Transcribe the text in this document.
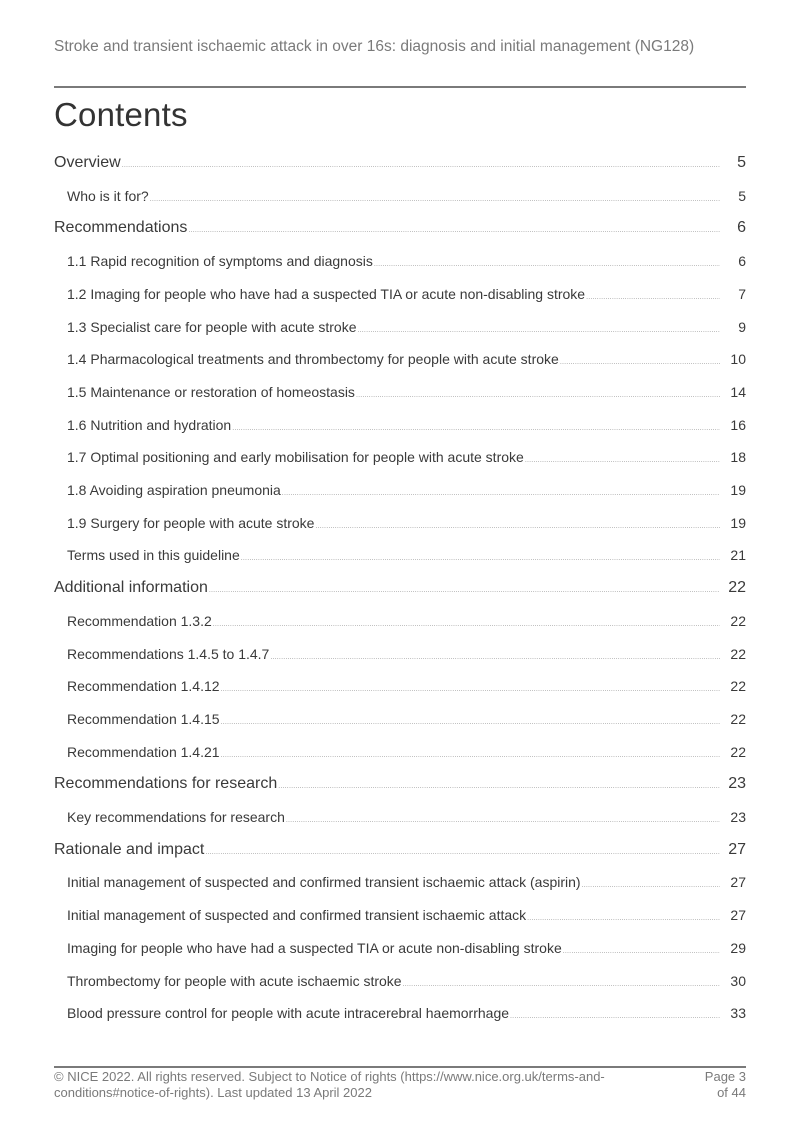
Stroke and transient ischaemic attack in over 16s: diagnosis and initial management (NG128)
Contents
Overview .....	5
Who is it for? .....	5
Recommendations .....	6
1.1 Rapid recognition of symptoms and diagnosis .....	6
1.2 Imaging for people who have had a suspected TIA or acute non-disabling stroke .....	7
1.3 Specialist care for people with acute stroke .....	9
1.4 Pharmacological treatments and thrombectomy for people with acute stroke .....	10
1.5 Maintenance or restoration of homeostasis .....	14
1.6 Nutrition and hydration .....	16
1.7 Optimal positioning and early mobilisation for people with acute stroke .....	18
1.8 Avoiding aspiration pneumonia .....	19
1.9 Surgery for people with acute stroke .....	19
Terms used in this guideline .....	21
Additional information .....	22
Recommendation 1.3.2 .....	22
Recommendations 1.4.5 to 1.4.7 .....	22
Recommendation 1.4.12 .....	22
Recommendation 1.4.15 .....	22
Recommendation 1.4.21 .....	22
Recommendations for research .....	23
Key recommendations for research .....	23
Rationale and impact .....	27
Initial management of suspected and confirmed transient ischaemic attack (aspirin) .....	27
Initial management of suspected and confirmed transient ischaemic attack .....	27
Imaging for people who have had a suspected TIA or acute non-disabling stroke .....	29
Thrombectomy for people with acute ischaemic stroke .....	30
Blood pressure control for people with acute intracerebral haemorrhage .....	33
© NICE 2022. All rights reserved. Subject to Notice of rights (https://www.nice.org.uk/terms-and-
conditions#notice-of-rights). Last updated 13 April 2022
Page 3
of 44
